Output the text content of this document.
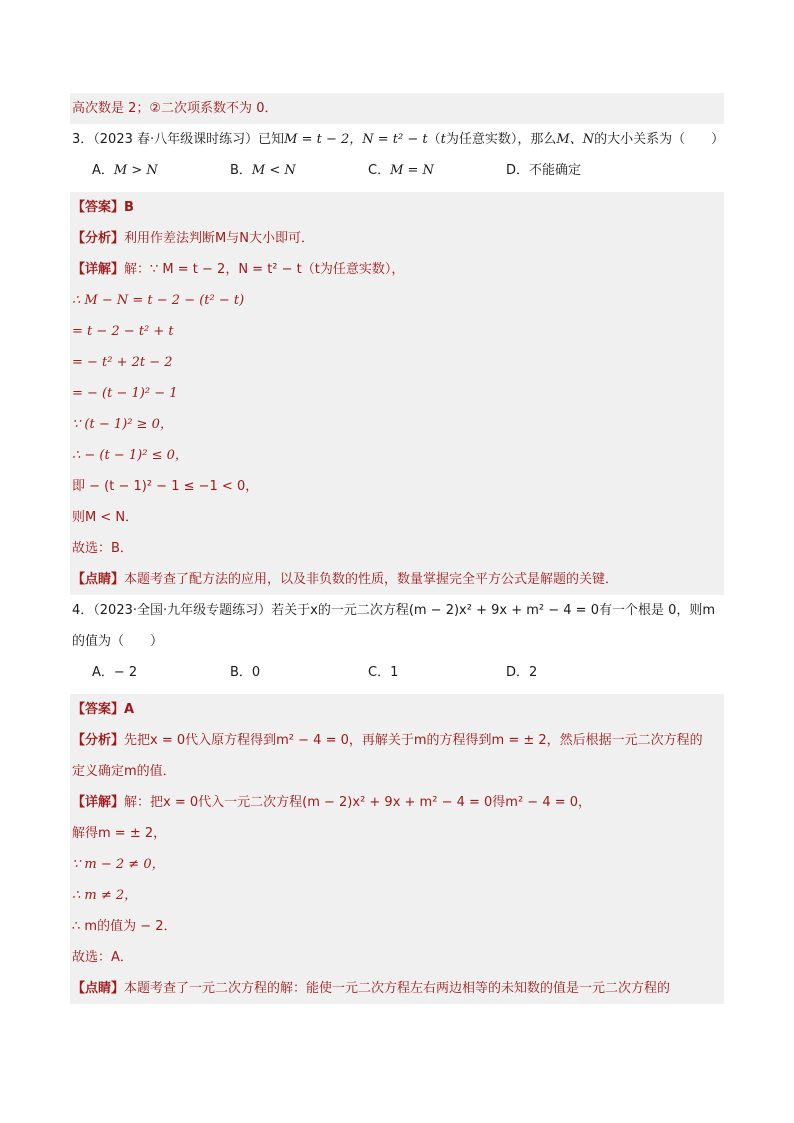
高次数是 2；②二次项系数不为 0．
3．（2023 春·八年级课时练习）已知M = t − 2，N = t² − t（t为任意实数），那么M、N的大小关系为（　　）
A．M > N	B．M < N	C．M = N	D．不能确定
【答案】B
【分析】利用作差法判断M与N大小即可．
【详解】解：∵ M = t − 2，N = t² − t（t为任意实数），
∴ M − N = t − 2 − (t² − t)
= t − 2 − t² + t
= − t² + 2t − 2
= − (t − 1)² − 1
∵ (t − 1)² ≥ 0，
∴ − (t − 1)² ≤ 0，
即 − (t − 1)² − 1 ≤ −1 < 0，
则M < N．
故选：B．
【点睛】本题考查了配方法的应用，以及非负数的性质，数量掌握完全平方公式是解题的关键．
4．（2023·全国·九年级专题练习）若关于x的一元二次方程(m − 2)x² + 9x + m² − 4 = 0有一个根是 0，则m
的值为（　　）
A．− 2	B．0	C．1	D．2
【答案】A
【分析】先把x = 0代入原方程得到m² − 4 = 0，再解关于m的方程得到m = ± 2，然后根据一元二次方程的
定义确定m的值．
【详解】解：把x = 0代入一元二次方程(m − 2)x² + 9x + m² − 4 = 0得m² − 4 = 0，
解得m = ± 2，
∵ m − 2 ≠ 0，
∴ m ≠ 2，
∴ m的值为 − 2．
故选：A．
【点睛】本题考查了一元二次方程的解：能使一元二次方程左右两边相等的未知数的值是一元二次方程的
